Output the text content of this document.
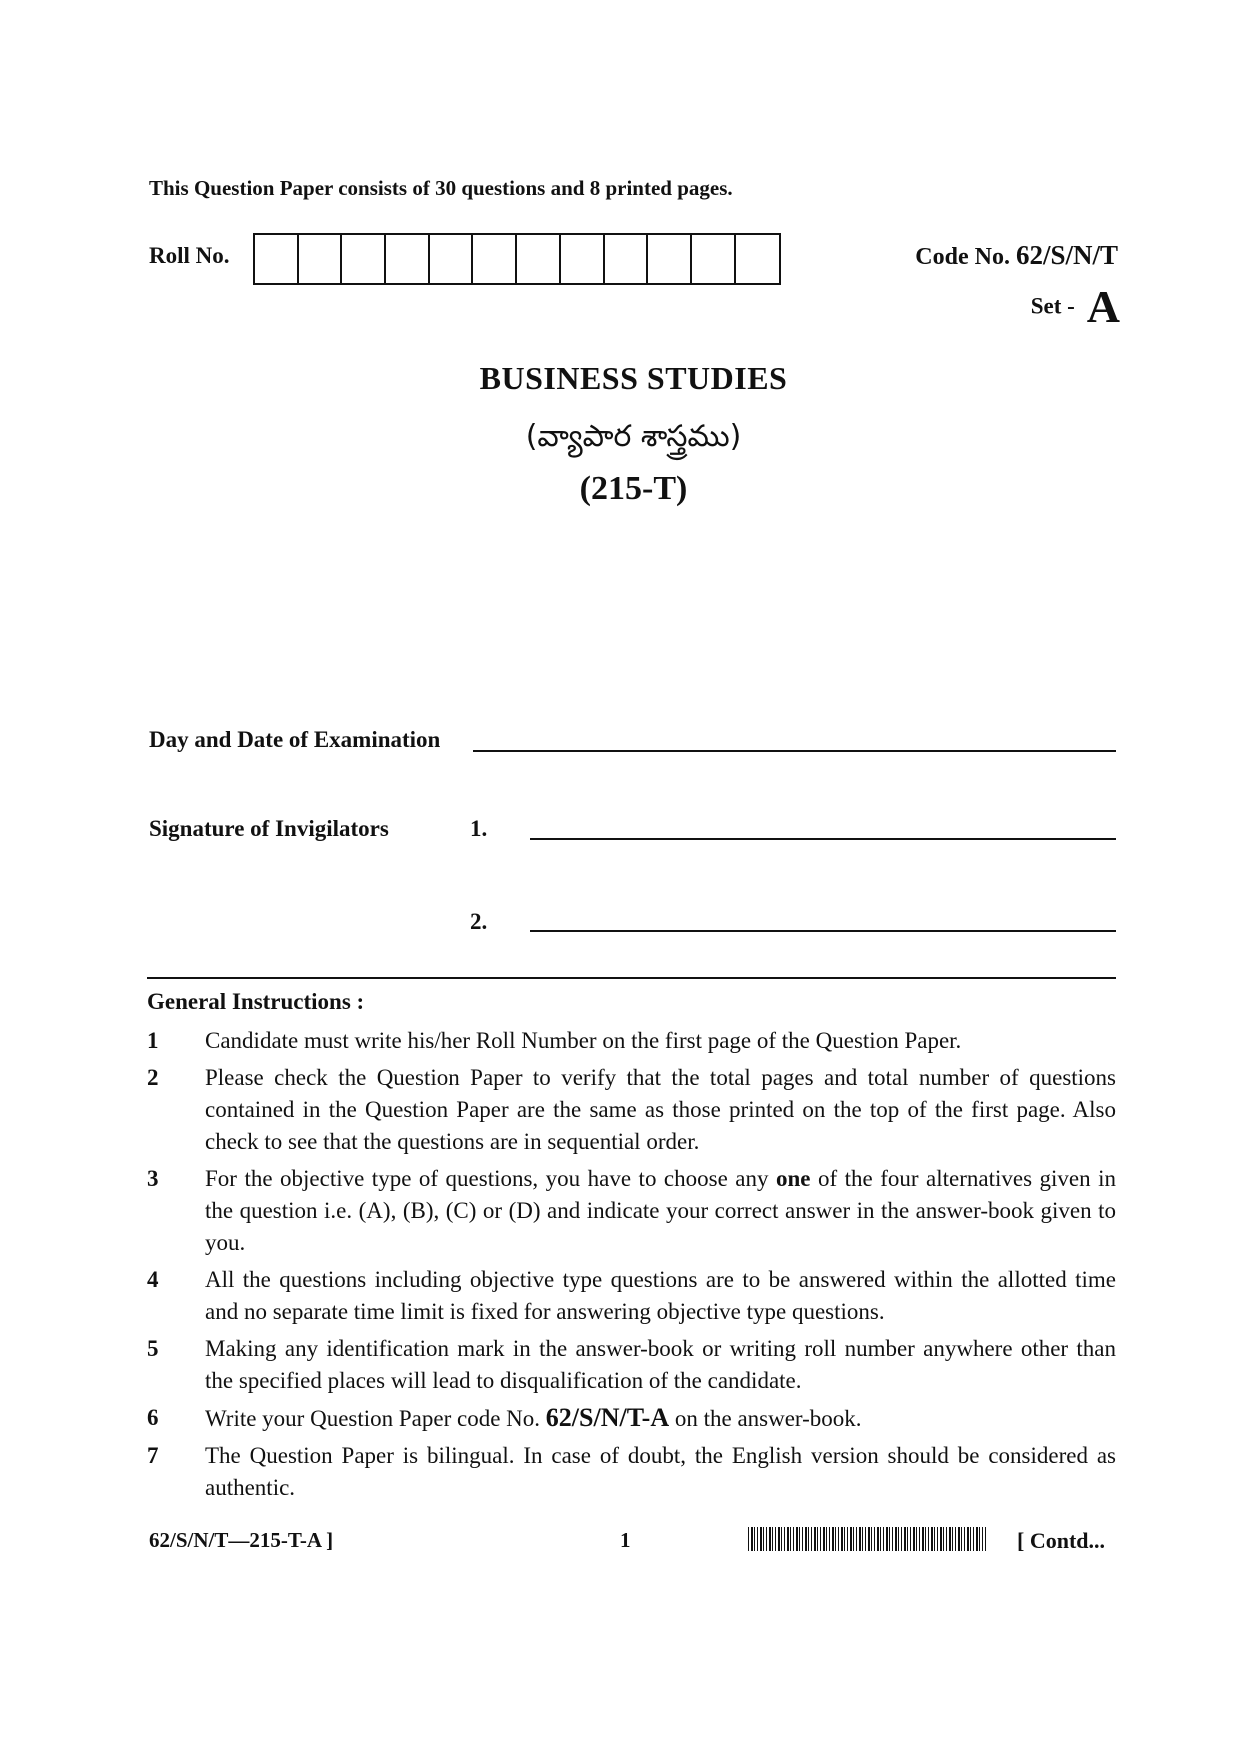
This Question Paper consists of 30 questions and 8 printed pages.
Roll No.	Code No. 62/S/N/T
Set - A
BUSINESS STUDIES
(వ్యాపార శాస్త్రము)
(215-T)
Day and Date of Examination
Signature of Invigilators	1.
2.
General Instructions :
1	Candidate must write his/her Roll Number on the first page of the Question Paper.
2	Please check the Question Paper to verify that the total pages and total number of questions contained in the Question Paper are the same as those printed on the top of the first page. Also check to see that the questions are in sequential order.
3	For the objective type of questions, you have to choose any one of the four alternatives given in the question i.e. (A), (B), (C) or (D) and indicate your correct answer in the answer-book given to you.
4	All the questions including objective type questions are to be answered within the allotted time and no separate time limit is fixed for answering objective type questions.
5	Making any identification mark in the answer-book or writing roll number anywhere other than the specified places will lead to disqualification of the candidate.
6	Write your Question Paper code No. 62/S/N/T-A on the answer-book.
7	The Question Paper is bilingual. In case of doubt, the English version should be considered as authentic.
62/S/N/T—215-T-A ]	1	[ Contd...
